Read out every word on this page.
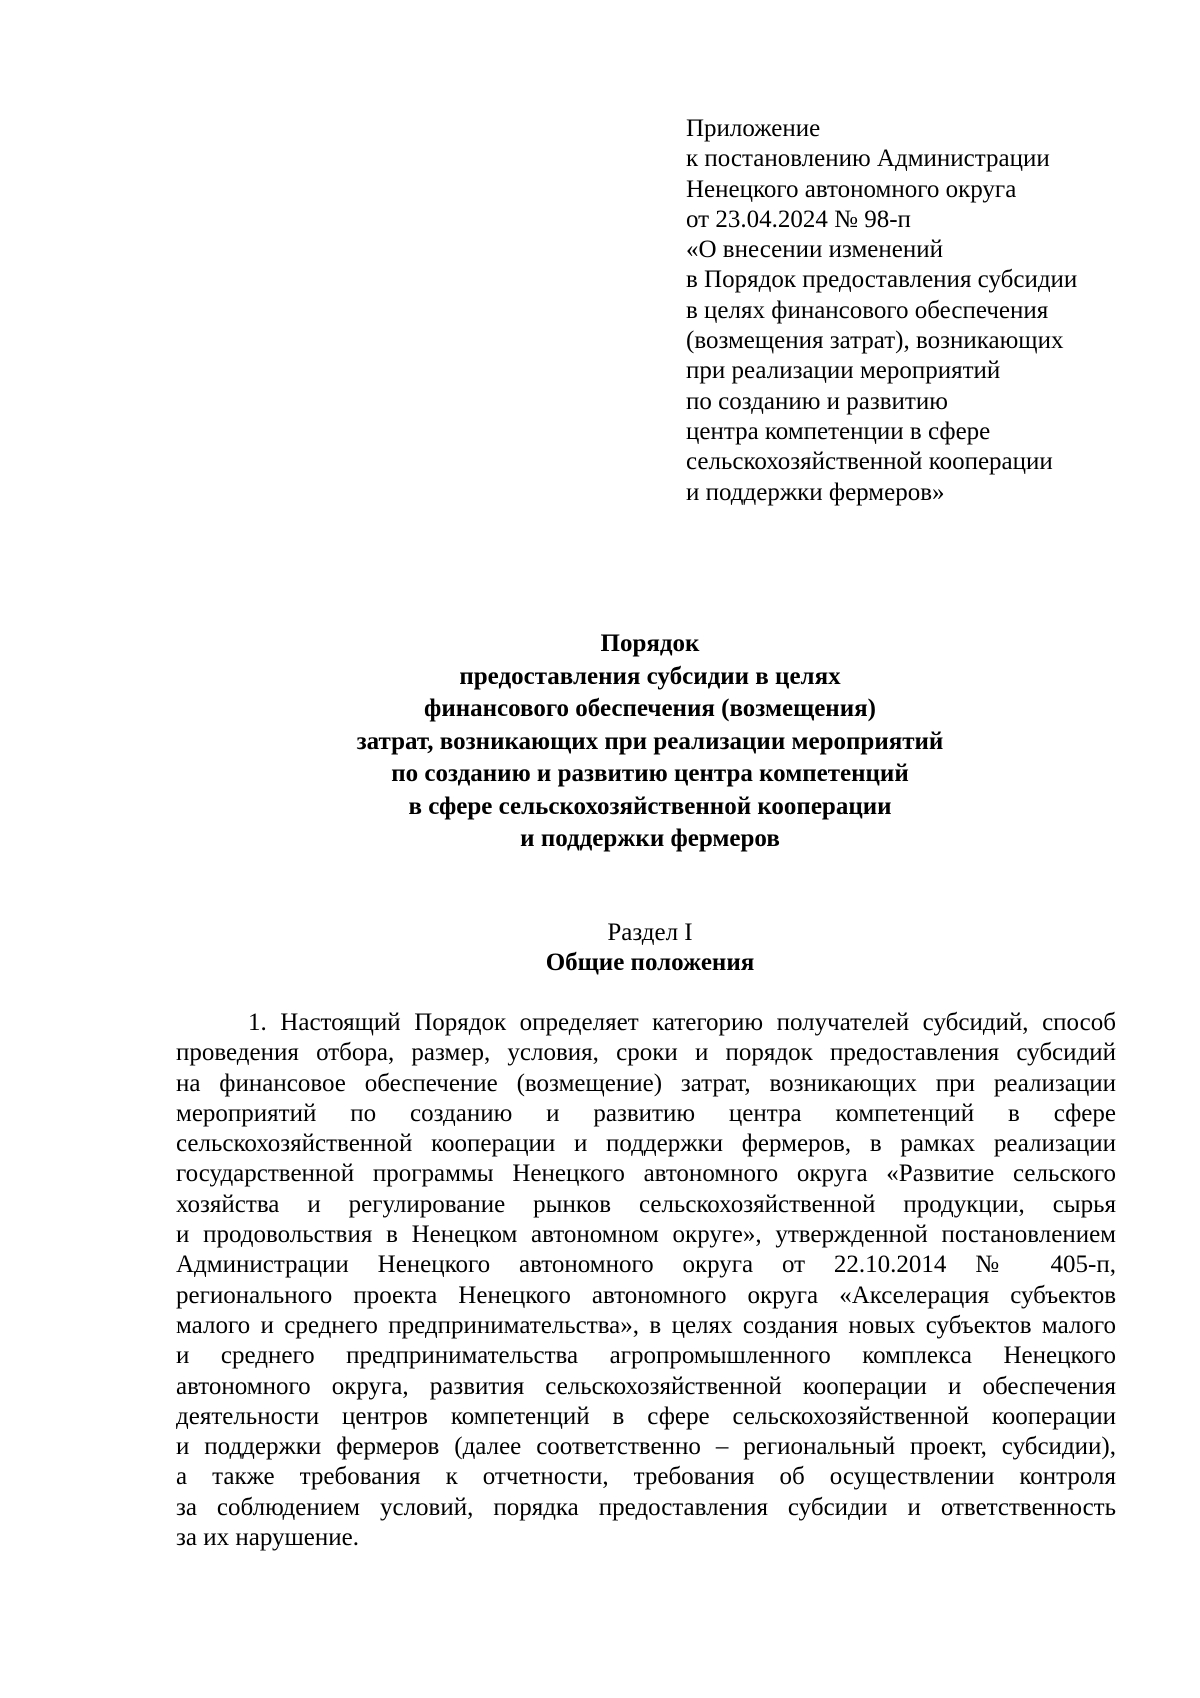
Приложение
к постановлению Администрации
Ненецкого автономного округа
от 23.04.2024 № 98-п
«О внесении изменений
в Порядок предоставления субсидии
в целях финансового обеспечения
(возмещения затрат), возникающих
при реализации мероприятий
по созданию и развитию
центра компетенции в сфере
сельскохозяйственной кооперации
и поддержки фермеров»
Порядок
предоставления субсидии в целях
финансового обеспечения (возмещения)
затрат, возникающих при реализации мероприятий
по созданию и развитию центра компетенций
в сфере сельскохозяйственной кооперации
и поддержки фермеров
Раздел I
Общие положения
1. Настоящий Порядок определяет категорию получателей субсидий, способ
проведения отбора, размер, условия, сроки и порядок предоставления субсидий
на финансовое обеспечение (возмещение) затрат, возникающих при реализации
мероприятий по созданию и развитию центра компетенций в сфере
сельскохозяйственной кооперации и поддержки фермеров, в рамках реализации
государственной программы Ненецкого автономного округа «Развитие сельского
хозяйства и регулирование рынков сельскохозяйственной продукции, сырья
и продовольствия в Ненецком автономном округе», утвержденной постановлением
Администрации Ненецкого автономного округа от 22.10.2014 № 405-п,
регионального проекта Ненецкого автономного округа «Акселерация субъектов
малого и среднего предпринимательства», в целях создания новых субъектов малого
и среднего предпринимательства агропромышленного комплекса Ненецкого
автономного округа, развития сельскохозяйственной кооперации и обеспечения
деятельности центров компетенций в сфере сельскохозяйственной кооперации
и поддержки фермеров (далее соответственно – региональный проект, субсидии),
а также требования к отчетности, требования об осуществлении контроля
за соблюдением условий, порядка предоставления субсидии и ответственность
за их нарушение.
